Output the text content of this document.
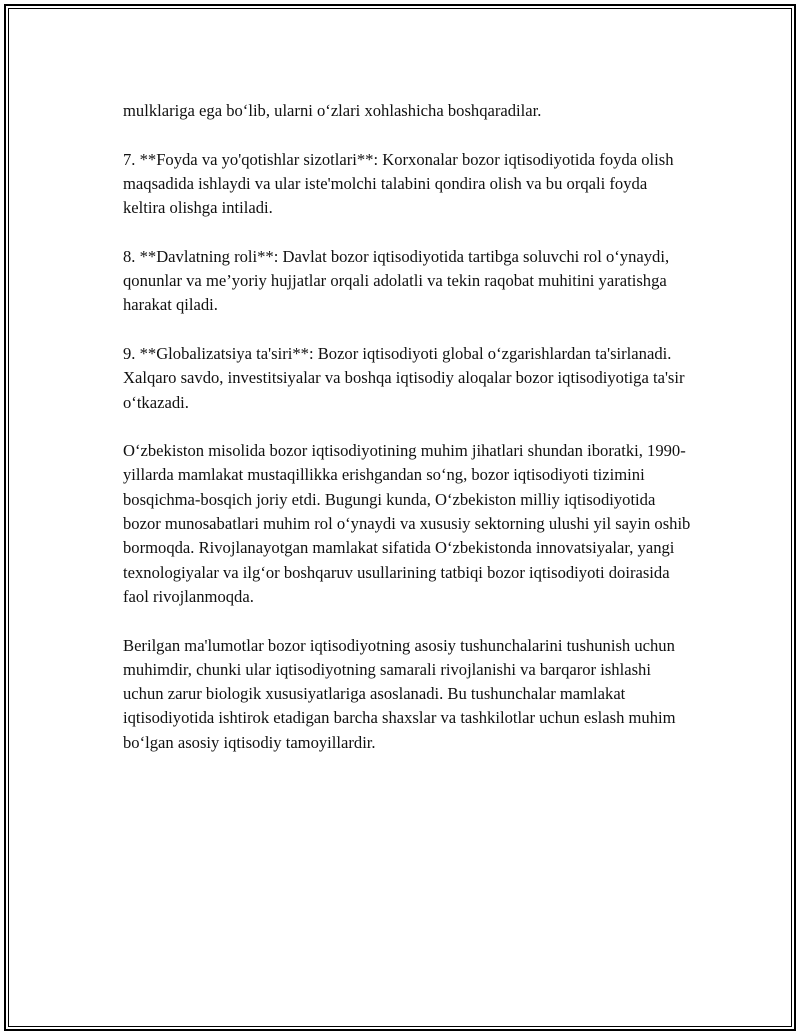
mulklariga ega bo‘lib, ularni o‘zlari xohlashicha boshqaradilar.

7. **Foyda va yo'qotishlar sizotlari**: Korxonalar bozor iqtisodiyotida foyda olish maqsadida ishlaydi va ular iste'molchi talabini qondira olish va bu orqali foyda keltira olishga intiladi.

8. **Davlatning roli**: Davlat bozor iqtisodiyotida tartibga soluvchi rol o‘ynaydi, qonunlar va me’yoriy hujjatlar orqali adolatli va tekin raqobat muhitini yaratishga harakat qiladi.

9. **Globalizatsiya ta'siri**: Bozor iqtisodiyoti global o‘zgarishlardan ta'sirlanadi. Xalqaro savdo, investitsiyalar va boshqa iqtisodiy aloqalar bozor iqtisodiyotiga ta'sir o‘tkazadi.

O‘zbekiston misolida bozor iqtisodiyotining muhim jihatlari shundan iboratki, 1990-yillarda mamlakat mustaqillikka erishgandan so‘ng, bozor iqtisodiyoti tizimini bosqichma-bosqich joriy etdi. Bugungi kunda, O‘zbekiston milliy iqtisodiyotida bozor munosabatlari muhim rol o‘ynaydi va xususiy sektorning ulushi yil sayin oshib bormoqda. Rivojlanayotgan mamlakat sifatida O‘zbekistonda innovatsiyalar, yangi texnologiyalar va ilg‘or boshqaruv usullarining tatbiqi bozor iqtisodiyoti doirasida faol rivojlanmoqda.

Berilgan ma'lumotlar bozor iqtisodiyotning asosiy tushunchalarini tushunish uchun muhimdir, chunki ular iqtisodiyotning samarali rivojlanishi va barqaror ishlashi uchun zarur biologik xususiyatlariga asoslanadi. Bu tushunchalar mamlakat iqtisodiyotida ishtirok etadigan barcha shaxslar va tashkilotlar uchun eslash muhim bo‘lgan asosiy iqtisodiy tamoyillardir.
